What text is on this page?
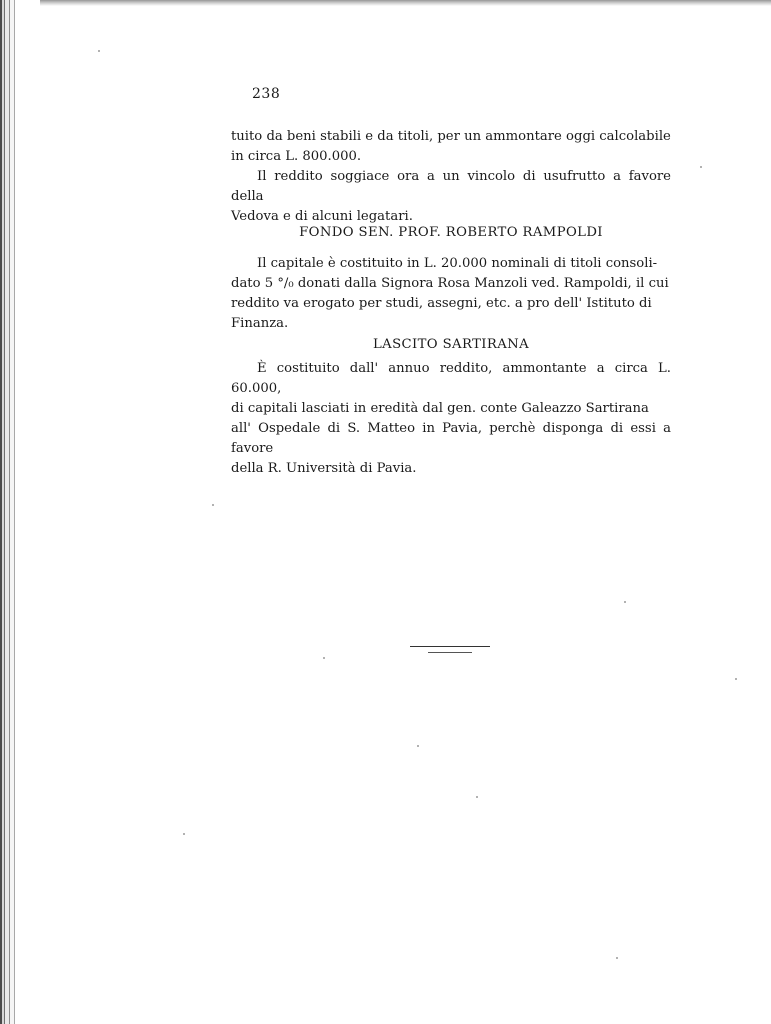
238

tuito da beni stabili e da titoli, per un ammontare oggi calcolabile

in circa L. 800.000.

Il reddito soggiace ora a un vincolo di usufrutto a favore della

Vedova e di alcuni legatari.

FONDO SEN. PROF. ROBERTO RAMPOLDI

Il capitale è costituito in L. 20.000 nominali di titoli consoli-

dato 5 °/₀ donati dalla Signora Rosa Manzoli ved. Rampoldi, il cui

reddito va erogato per studi, assegni, etc. a pro dell' Istituto di

Finanza.

LASCITO SARTIRANA

È costituito dall' annuo reddito, ammontante a circa L. 60.000,

di capitali lasciati in eredità dal gen. conte Galeazzo Sartirana

all' Ospedale di S. Matteo in Pavia, perchè disponga di essi a favore

della R. Università di Pavia.
